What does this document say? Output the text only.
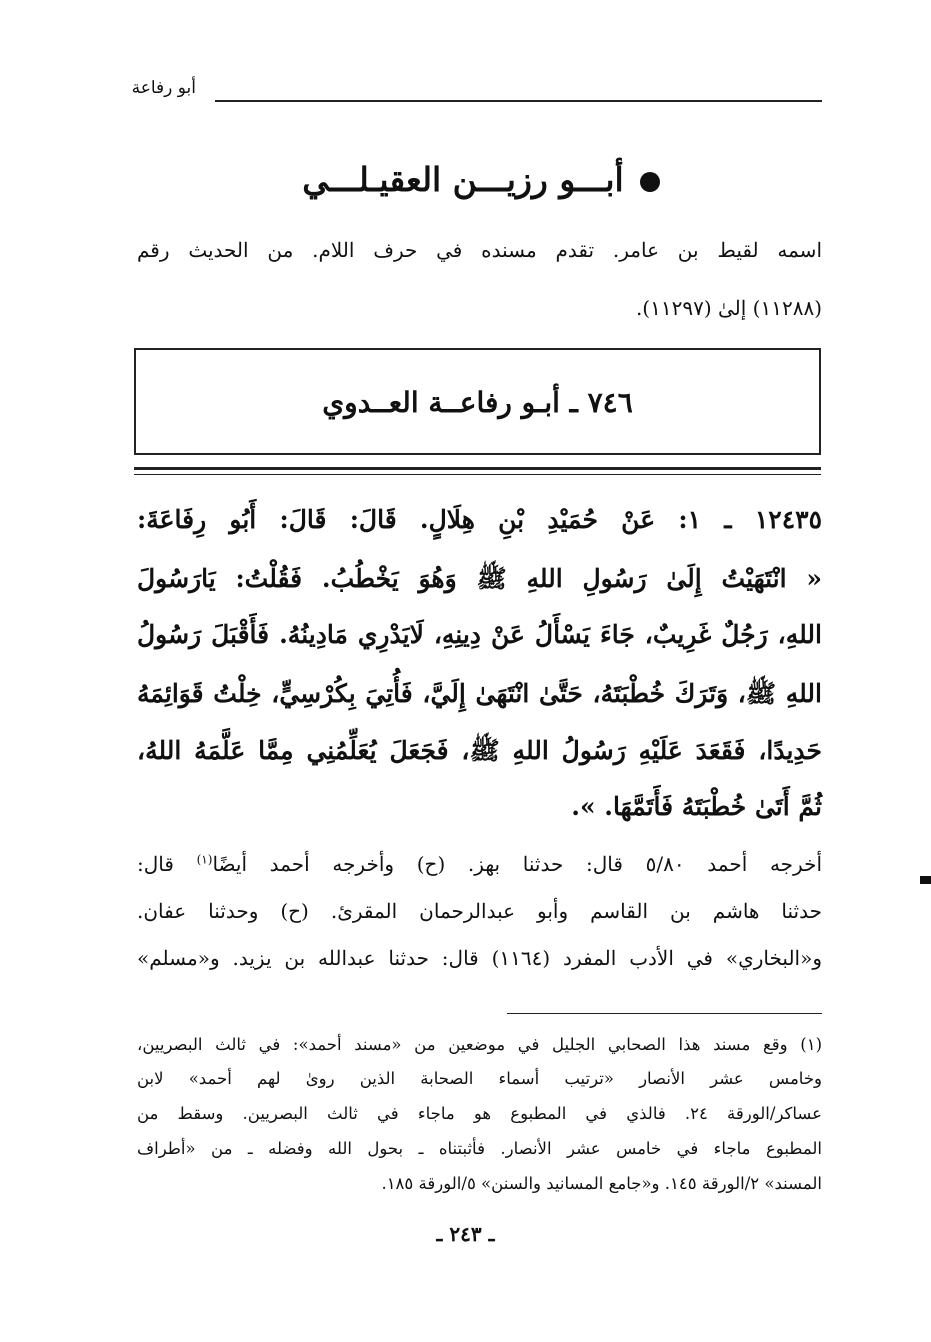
أبو رفاعة
أبـــو رزيـــن العقيـلـــي
اسمه لقيط بن عامر. تقدم مسنده في حرف اللام. من الحديث رقم
(١١٢٨٨) إلىٰ (١١٢٩٧).
٧٤٦ ـ أبـو رفاعــة العــدوي
١٢٤٣٥ ـ ١: عَنْ حُمَيْدِ بْنِ هِلَالٍ. قَالَ: قَالَ: أَبُو رِفَاعَةَ:
« انْتَهَيْتُ إِلَىٰ رَسُولِ اللهِ ﷺ وَهُوَ يَخْطُبُ. فَقُلْتُ: يَارَسُولَ
اللهِ، رَجُلٌ غَرِيبٌ، جَاءَ يَسْأَلُ عَنْ دِينِهِ، لَايَدْرِي مَادِينُهُ. فَأَقْبَلَ رَسُولُ
اللهِ ﷺ، وَتَرَكَ خُطْبَتَهُ، حَتَّىٰ انْتَهَىٰ إِلَيَّ، فَأُتِيَ بِكُرْسِيٍّ، خِلْتُ قَوَائِمَهُ
حَدِيدًا، فَقَعَدَ عَلَيْهِ رَسُولُ اللهِ ﷺ، فَجَعَلَ يُعَلِّمُنِي مِمَّا عَلَّمَهُ اللهُ،
ثُمَّ أَتَىٰ خُطْبَتَهُ فَأَتَمَّهَا. ».
أخرجه أحمد ٥/٨٠ قال: حدثنا بهز. (ح) وأخرجه أحمد أيضًا$^{(١)}$ قال:
حدثنا هاشم بن القاسم وأبو عبدالرحمان المقرئ. (ح) وحدثنا عفان.
و«البخاري» في الأدب المفرد (١١٦٤) قال: حدثنا عبدالله بن يزيد. و«مسلم»
(١) وقع مسند هذا الصحابي الجليل في موضعين من «مسند أحمد»: في ثالث البصريين،
وخامس عشر الأنصار «ترتيب أسماء الصحابة الذين روىٰ لهم أحمد» لابن
عساكر/الورقة ٢٤. فالذي في المطبوع هو ماجاء في ثالث البصريين. وسقط من
المطبوع ماجاء في خامس عشر الأنصار. فأثبتناه ـ بحول الله وفضله ـ من «أطراف
المسند» ٢/الورقة ١٤٥. و«جامع المسانيد والسنن» ٥/الورقة ١٨٥.
ـ ٢٤٣ ـ
